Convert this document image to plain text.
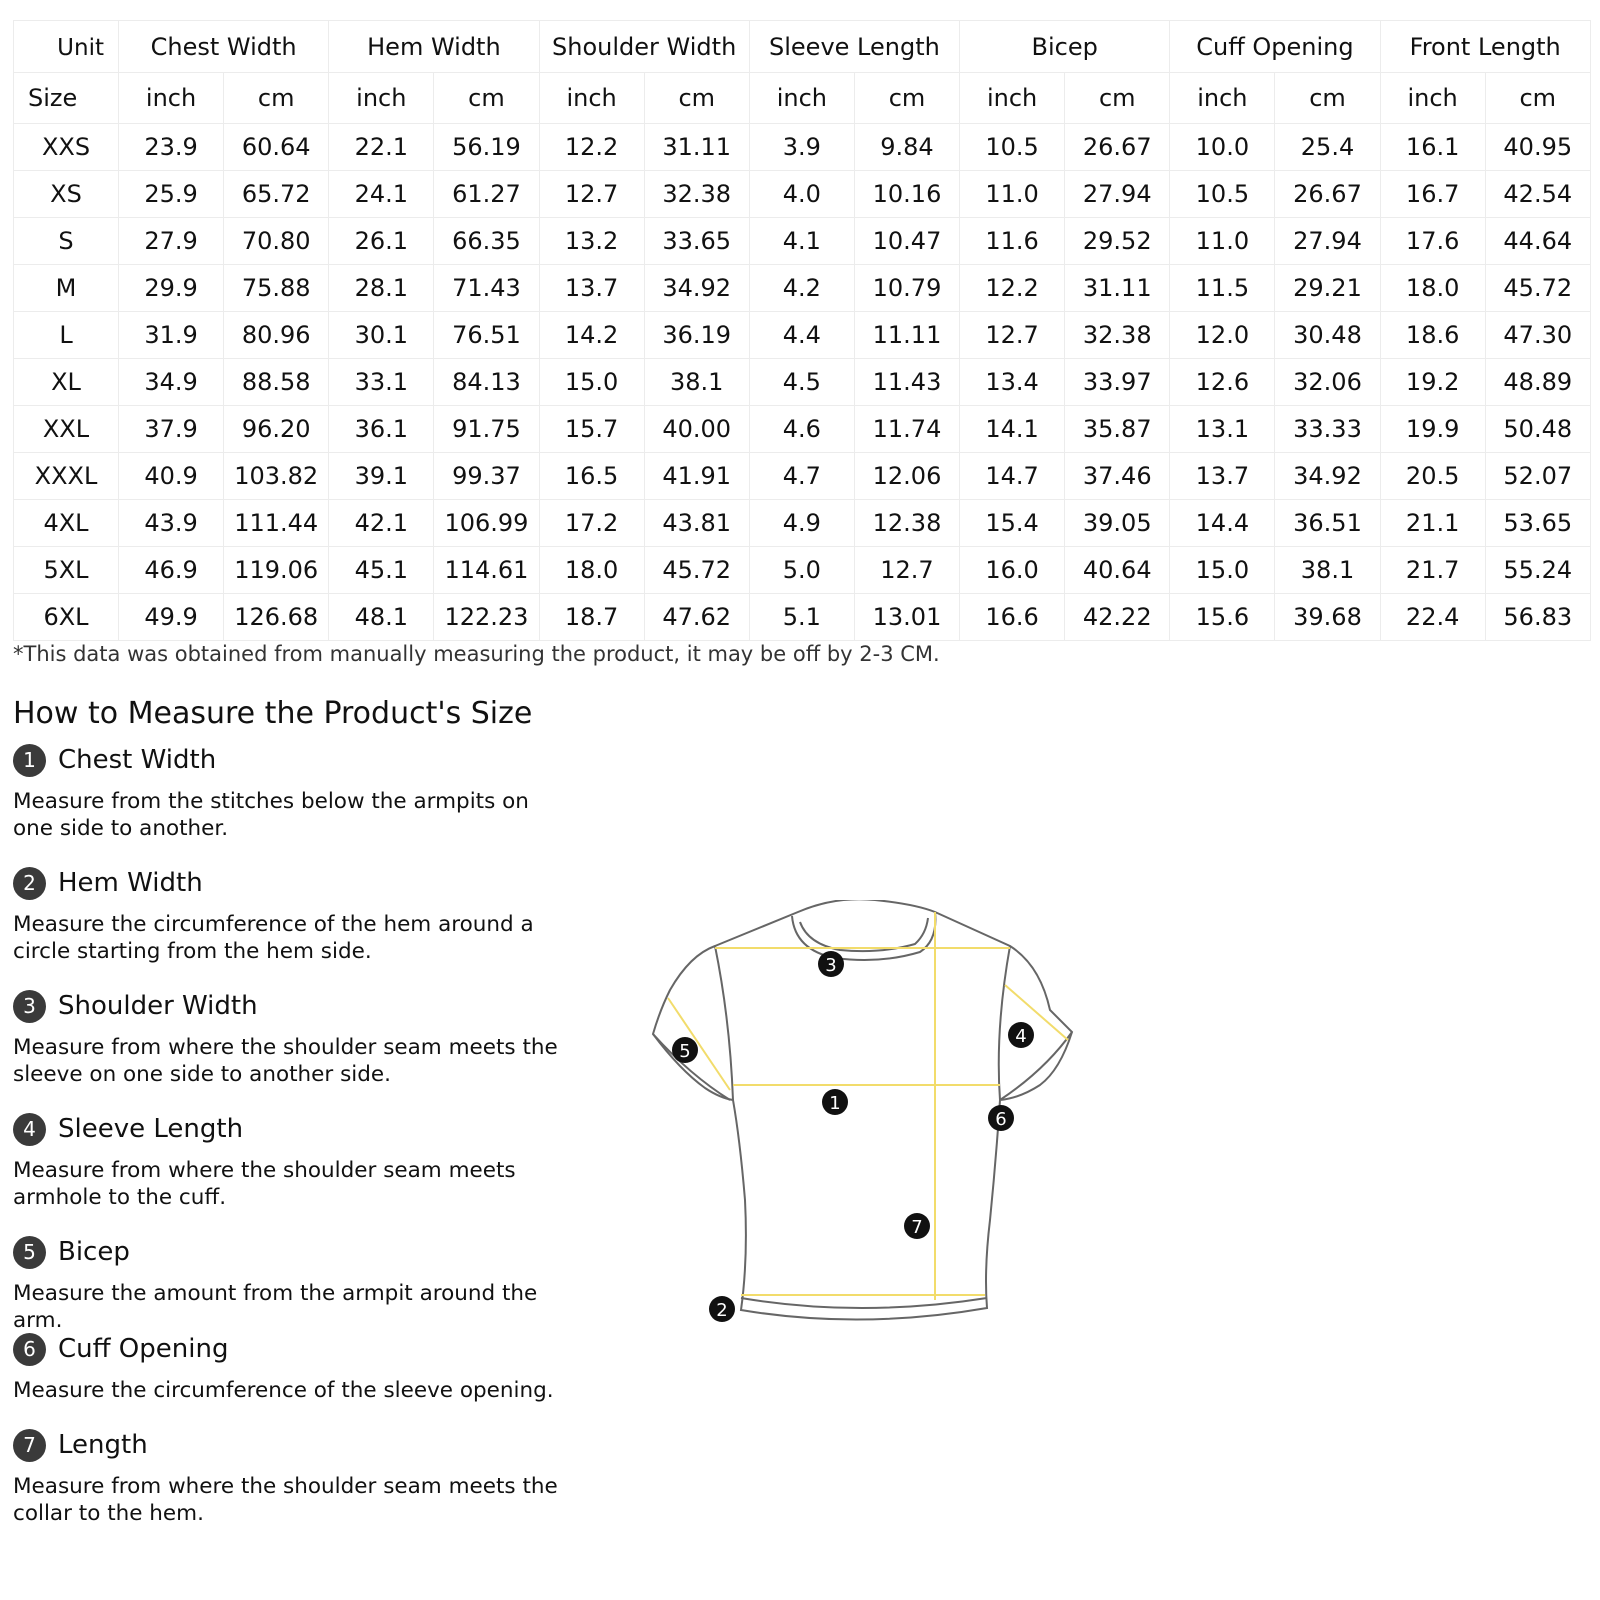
Unit	Chest Width		Hem Width		Shoulder Width		Sleeve Length		Bicep		Cuff Opening		Front Length	
Size	inch	cm	inch	cm	inch	cm	inch	cm	inch	cm	inch	cm	inch	cm
XXS	23.9	60.64	22.1	56.19	12.2	31.11	3.9	9.84	10.5	26.67	10.0	25.4	16.1	40.95
XS	25.9	65.72	24.1	61.27	12.7	32.38	4.0	10.16	11.0	27.94	10.5	26.67	16.7	42.54
S	27.9	70.80	26.1	66.35	13.2	33.65	4.1	10.47	11.6	29.52	11.0	27.94	17.6	44.64
M	29.9	75.88	28.1	71.43	13.7	34.92	4.2	10.79	12.2	31.11	11.5	29.21	18.0	45.72
L	31.9	80.96	30.1	76.51	14.2	36.19	4.4	11.11	12.7	32.38	12.0	30.48	18.6	47.30
XL	34.9	88.58	33.1	84.13	15.0	38.1	4.5	11.43	13.4	33.97	12.6	32.06	19.2	48.89
XXL	37.9	96.20	36.1	91.75	15.7	40.00	4.6	11.74	14.1	35.87	13.1	33.33	19.9	50.48
XXXL	40.9	103.82	39.1	99.37	16.5	41.91	4.7	12.06	14.7	37.46	13.7	34.92	20.5	52.07
4XL	43.9	111.44	42.1	106.99	17.2	43.81	4.9	12.38	15.4	39.05	14.4	36.51	21.1	53.65
5XL	46.9	119.06	45.1	114.61	18.0	45.72	5.0	12.7	16.0	40.64	15.0	38.1	21.7	55.24
6XL	49.9	126.68	48.1	122.23	18.7	47.62	5.1	13.01	16.6	42.22	15.6	39.68	22.4	56.83
*This data was obtained from manually measuring the product, it may be off by 2-3 CM.
How to Measure the Product's Size
1 Chest Width
Measure from the stitches below the armpits on one side to another.
2 Hem Width
Measure the circumference of the hem around a circle starting from the hem side.
3 Shoulder Width
Measure from where the shoulder seam meets the sleeve on one side to another side.
4 Sleeve Length
Measure from where the shoulder seam meets armhole to the cuff.
5 Bicep
Measure the amount from the armpit around the arm.
6 Cuff Opening
Measure the circumference of the sleeve opening.
7 Length
Measure from where the shoulder seam meets the collar to the hem.
3
1
5
4
6
7
2
